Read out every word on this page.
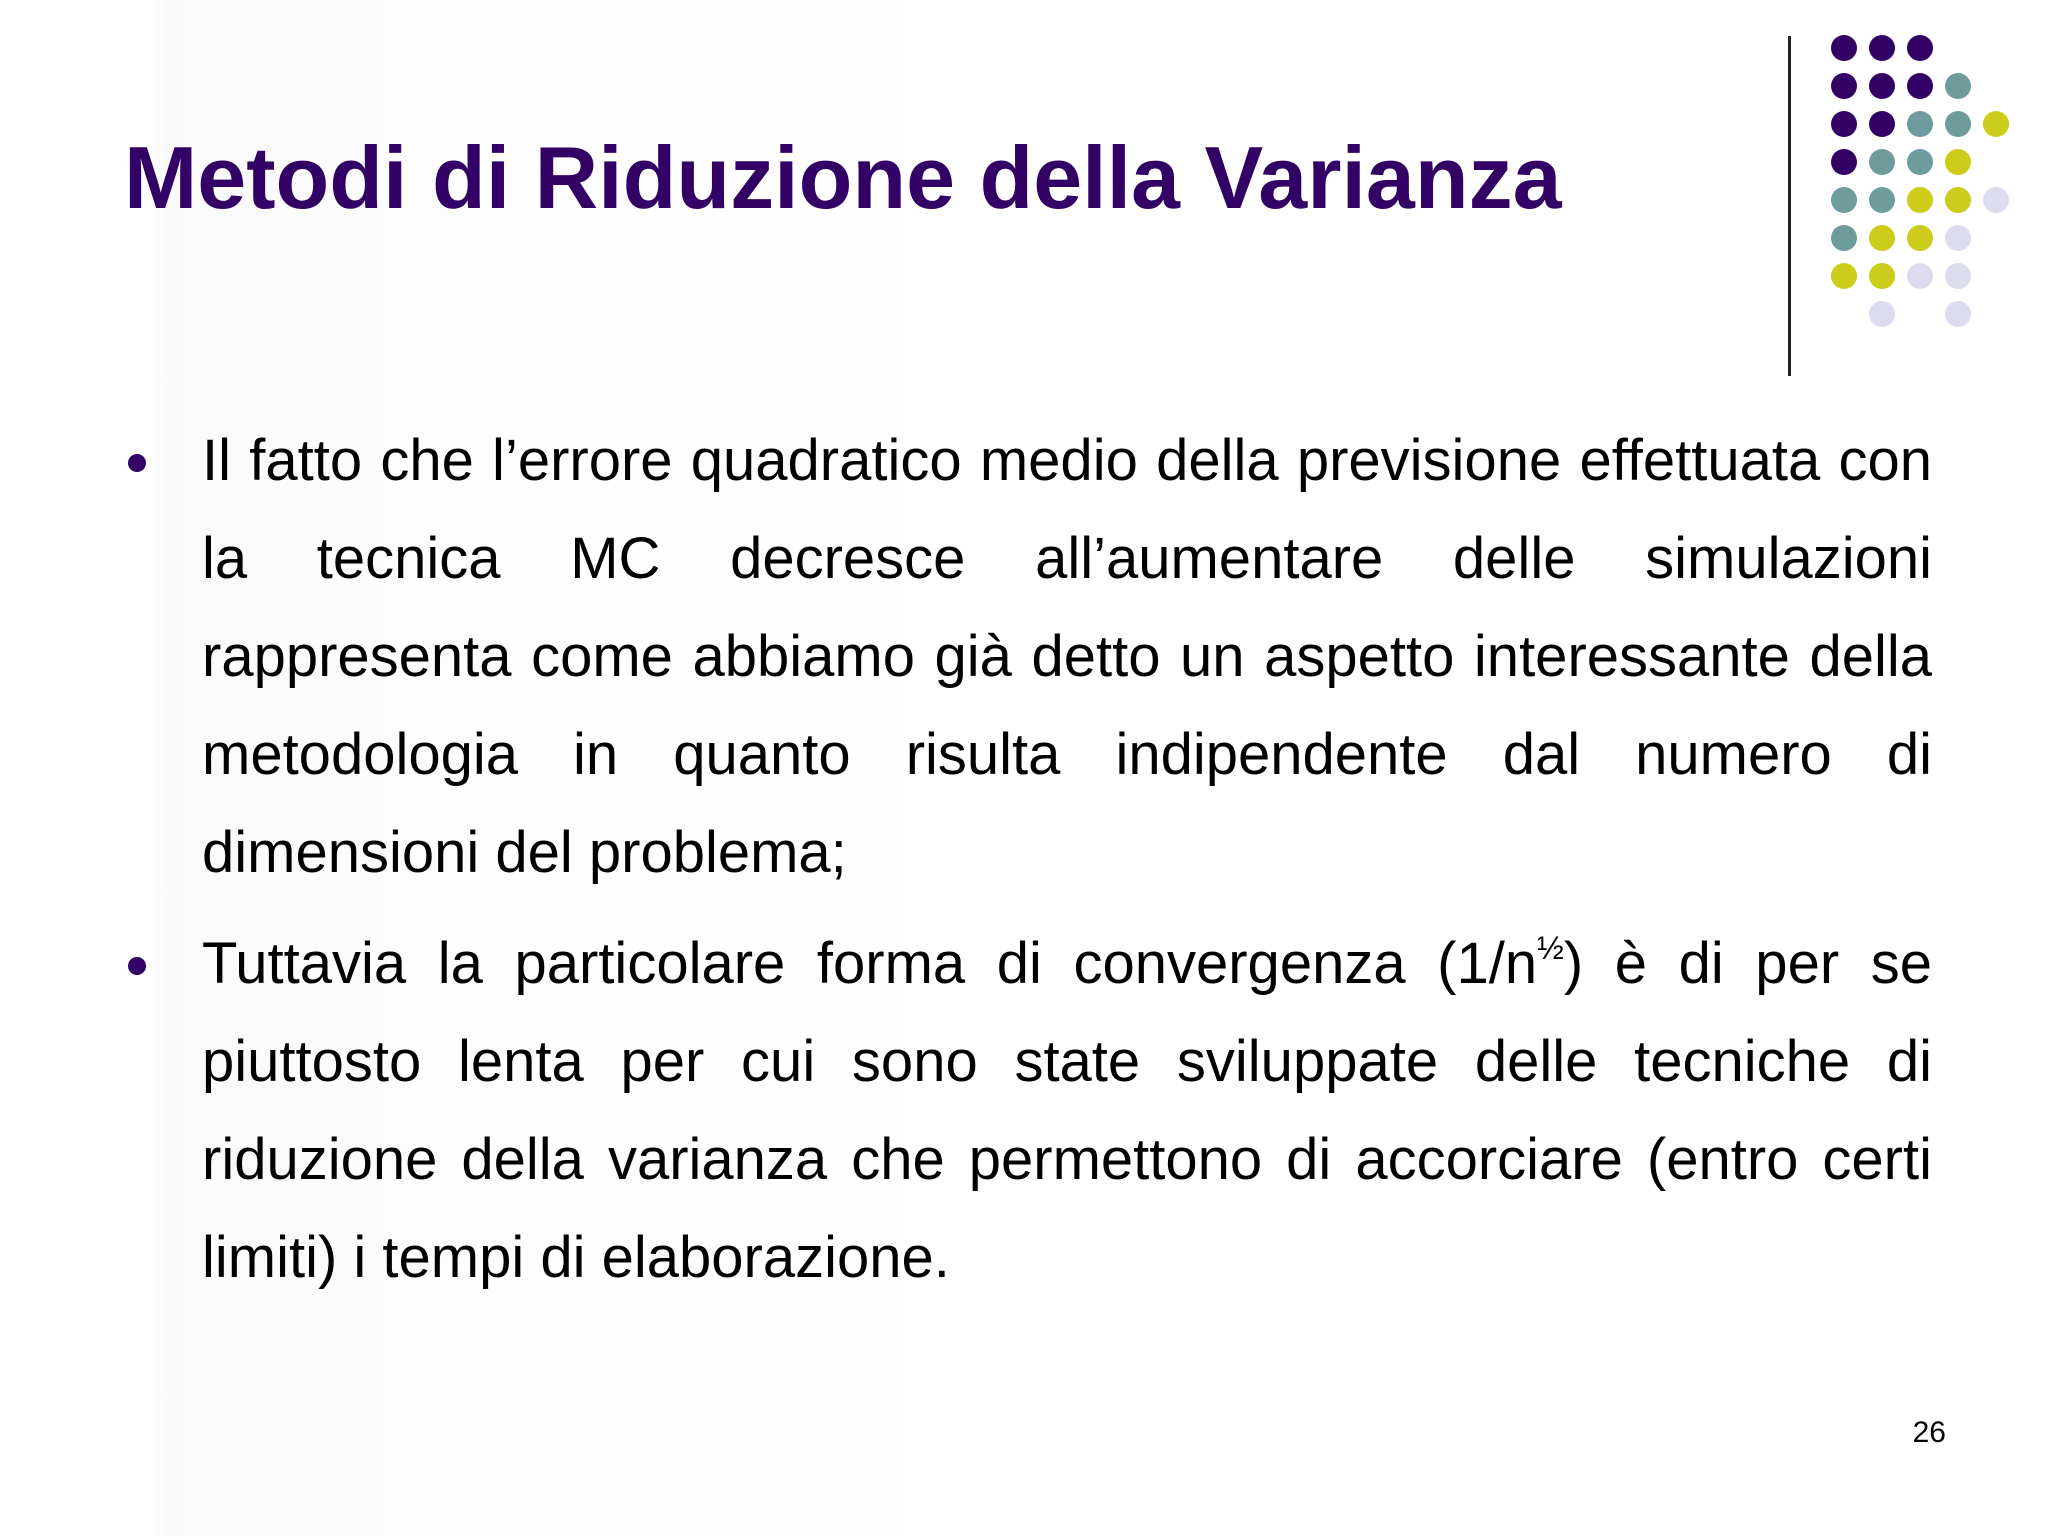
Metodi di Riduzione della Varianza

Il fatto che l’errore quadratico medio della previsione effettuata con la tecnica MC decresce all’aumentare delle simulazioni rappresenta come abbiamo già detto un aspetto interessante della metodologia in quanto risulta indipendente dal numero di dimensioni del problema;

Tuttavia la particolare forma di convergenza $(1/n^{\frac{1}{2}})$ è di per se piuttosto lenta per cui sono state sviluppate delle tecniche di riduzione della varianza che permettono di accorciare (entro certi limiti) i tempi di elaborazione.

26
